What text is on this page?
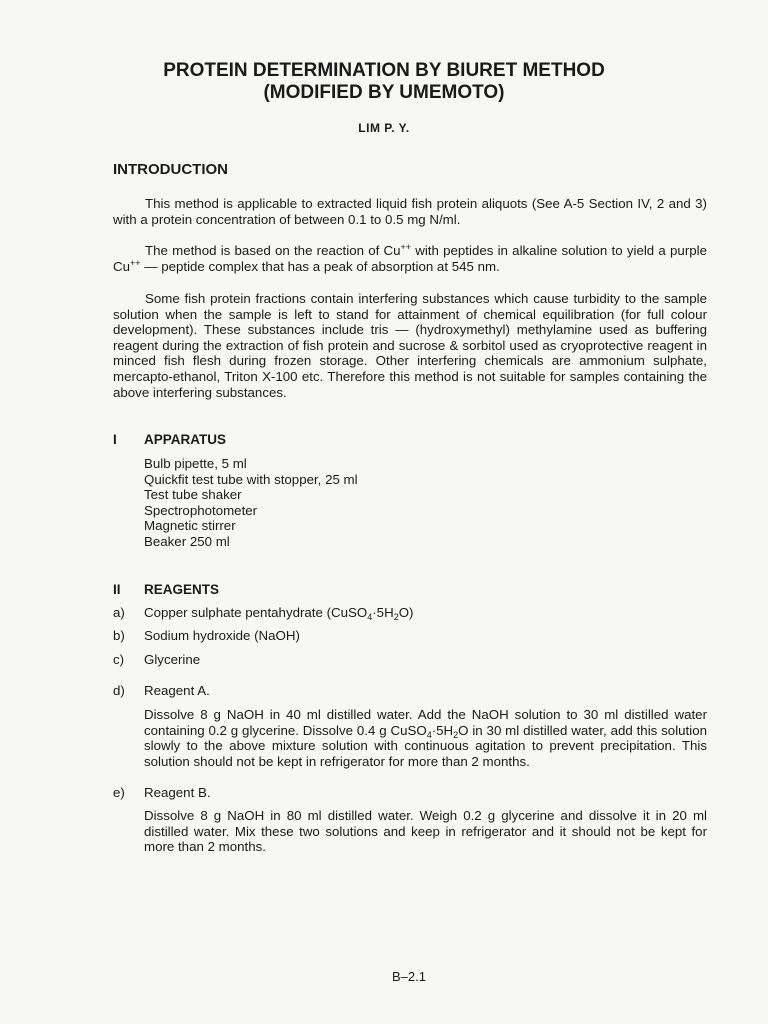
PROTEIN DETERMINATION BY BIURET METHOD
(MODIFIED BY UMEMOTO)
LIM P. Y.
INTRODUCTION

This method is applicable to extracted liquid fish protein aliquots (See A-5 Section IV, 2 and 3) with a protein concentration of between 0.1 to 0.5 mg N/ml.

The method is based on the reaction of Cu++ with peptides in alkaline solution to yield a purple Cu++ — peptide complex that has a peak of absorption at 545 nm.

Some fish protein fractions contain interfering substances which cause turbidity to the sample solution when the sample is left to stand for attainment of chemical equilibration (for full colour development). These substances include tris — (hydroxymethyl) methylamine used as buffering reagent during the extraction of fish protein and sucrose & sorbitol used as cryoprotective reagent in minced fish flesh during frozen storage. Other interfering chemicals are ammonium sulphate, mercapto-ethanol, Triton X-100 etc. Therefore this method is not suitable for samples containing the above interfering substances.

I APPARATUS
Bulb pipette, 5 ml
Quickfit test tube with stopper, 25 ml
Test tube shaker
Spectrophotometer
Magnetic stirrer
Beaker 250 ml
II REAGENTS
a) Copper sulphate pentahydrate $(CuSO_4\cdot 5H_2O)$
b) Sodium hydroxide (NaOH)
c) Glycerine
d) Reagent A.

Dissolve 8 g NaOH in 40 ml distilled water. Add the NaOH solution to 30 ml distilled water containing 0.2 g glycerine. Dissolve 0.4 g $CuSO_4\cdot 5H_2O$ in 30 ml distilled water, add this solution slowly to the above mixture solution with continuous agitation to prevent precipitation. This solution should not be kept in refrigerator for more than 2 months.

e) Reagent B.

Dissolve 8 g NaOH in 80 ml distilled water. Weigh 0.2 g glycerine and dissolve it in 20 ml distilled water. Mix these two solutions and keep in refrigerator and it should not be kept for more than 2 months.

B–2.1
